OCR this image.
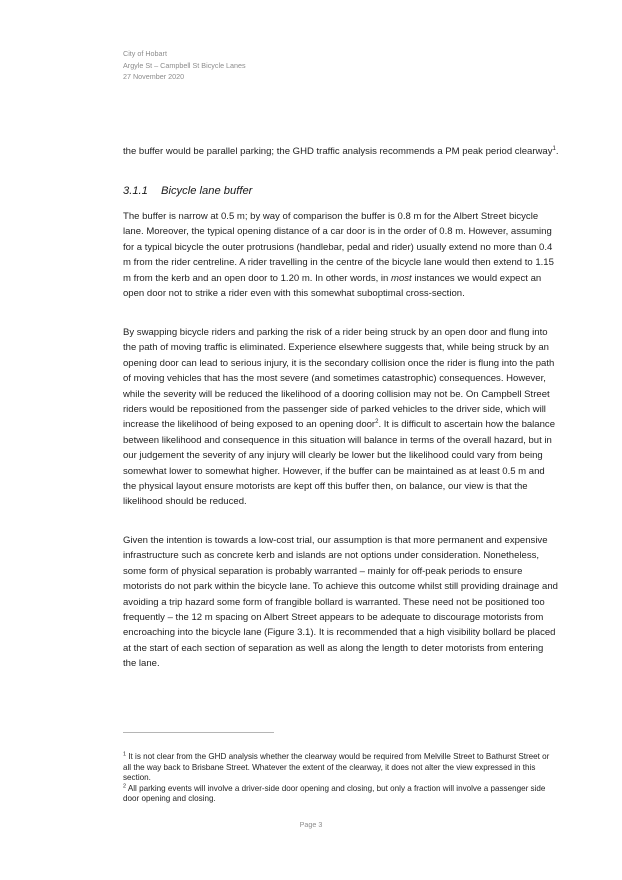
City of Hobart
Argyle St – Campbell St Bicycle Lanes
27 November 2020

the buffer would be parallel parking; the GHD traffic analysis recommends a PM peak period clearway$^1$.

3.1.1 Bicycle lane buffer

The buffer is narrow at 0.5 m; by way of comparison the buffer is 0.8 m for the Albert Street bicycle lane. Moreover, the typical opening distance of a car door is in the order of 0.8 m. However, assuming for a typical bicycle the outer protrusions (handlebar, pedal and rider) usually extend no more than 0.4 m from the rider centreline. A rider travelling in the centre of the bicycle lane would then extend to 1.15 m from the kerb and an open door to 1.20 m. In other words, in most instances we would expect an open door not to strike a rider even with this somewhat suboptimal cross-section.

By swapping bicycle riders and parking the risk of a rider being struck by an open door and flung into the path of moving traffic is eliminated. Experience elsewhere suggests that, while being struck by an opening door can lead to serious injury, it is the secondary collision once the rider is flung into the path of moving vehicles that has the most severe (and sometimes catastrophic) consequences. However, while the severity will be reduced the likelihood of a dooring collision may not be. On Campbell Street riders would be repositioned from the passenger side of parked vehicles to the driver side, which will increase the likelihood of being exposed to an opening door$^2$. It is difficult to ascertain how the balance between likelihood and consequence in this situation will balance in terms of the overall hazard, but in our judgement the severity of any injury will clearly be lower but the likelihood could vary from being somewhat lower to somewhat higher. However, if the buffer can be maintained as at least 0.5 m and the physical layout ensure motorists are kept off this buffer then, on balance, our view is that the likelihood should be reduced.

Given the intention is towards a low-cost trial, our assumption is that more permanent and expensive infrastructure such as concrete kerb and islands are not options under consideration. Nonetheless, some form of physical separation is probably warranted – mainly for off-peak periods to ensure motorists do not park within the bicycle lane. To achieve this outcome whilst still providing drainage and avoiding a trip hazard some form of frangible bollard is warranted. These need not be positioned too frequently – the 12 m spacing on Albert Street appears to be adequate to discourage motorists from encroaching into the bicycle lane (Figure 3.1). It is recommended that a high visibility bollard be placed at the start of each section of separation as well as along the length to deter motorists from entering the lane.

$^1$ It is not clear from the GHD analysis whether the clearway would be required from Melville Street to Bathurst Street or all the way back to Brisbane Street. Whatever the extent of the clearway, it does not alter the view expressed in this section.
$^2$ All parking events will involve a driver-side door opening and closing, but only a fraction will involve a passenger side door opening and closing.
Page 3
